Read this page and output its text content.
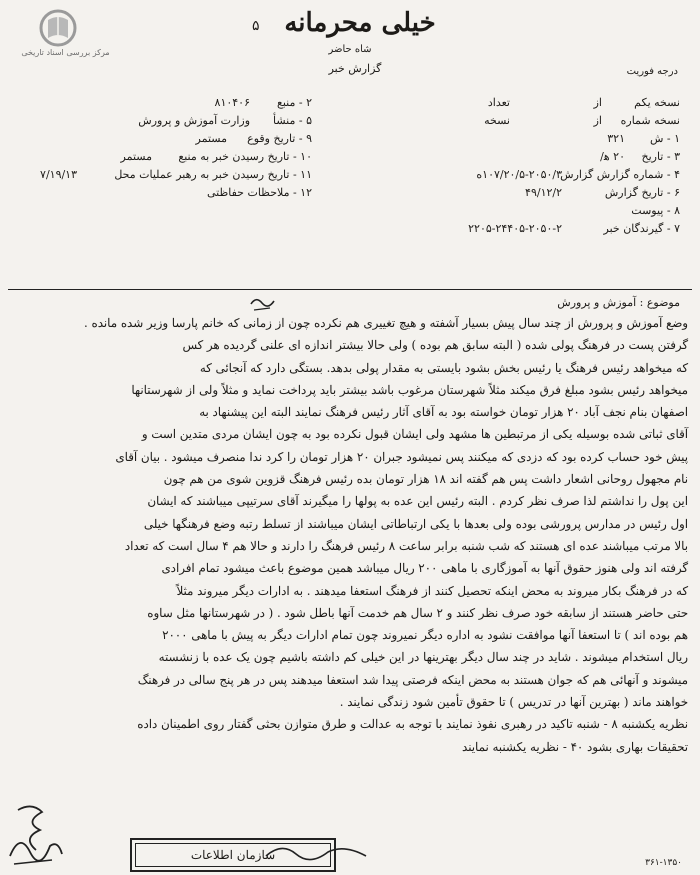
مرکز بررسی اسناد تاریخی
خیلی محرمانه
۵
شاه حاضر
گزارش خبر	درجه فوریت
۲ - منبع
۸۱۰۴۰۶
۵ - منشأ
وزارت آموزش و پرورش
۹ - تاریخ وقوع
مستمر
۱۰ - تاریخ رسیدن خبر به منبع
مستمر
۱۱ - تاریخ رسیدن خبر به رهبر عملیات محل
۷/۱۹/۱۳
۱۲ - ملاحظات حفاظتی
نسخه یکم
از
تعداد
نسخه شماره
از
نسخه
۱ - ش
۳۲۱
۳ - تاریخ
۲۰ ه‍/
۴ - شماره گزارش گزارش
۱۰۷/۲۰/۵-۲۰۵۰/۳ه
۶ - تاریخ گزارش
۴۹/۱۲/۲
۸ - پیوست
۷ - گیرندگان خبر
۲۲۰۵-۲۴۴۰۵-۲۰۵۰-۲
موضوع : آموزش و پرورش

وضع آموزش و پرورش از چند سال پیش بسیار آشفته و هیچ تغییری هم نکرده چون از زمانی که خانم پارسا وزیر شده مانده .

گرفتن پست در فرهنگ پولی شده ( البته سابق هم بوده ) ولی حالا بیشتر اندازه ای علنی گردیده هر کس

که میخواهد رئیس فرهنگ یا رئیس بخش بشود بایستی به مقدار پولی بدهد. بستگی دارد که آنجائی که

میخواهد رئیس بشود مبلغ فرق میکند مثلاً شهرستان مرغوب باشد بیشتر باید پرداخت نماید و مثلاً ولی از شهرستانها

اصفهان بنام نجف آباد ۲۰ هزار تومان خواسته بود به آقای آثار رئیس فرهنگ نمایند البته این پیشنهاد به

آقای ثباتی شده بوسیله یکی از مرتبطین ها مشهد ولی ایشان قبول نکرده بود به چون ایشان مردی متدین است و

پیش خود حساب کرده بود که دزدی که میکنند پس نمیشود جبران ۲۰ هزار تومان را کرد ندا منصرف میشود . بیان آقای

نام مجهول روحانی اشعار داشت پس هم گفته اند ۱۸ هزار تومان بده رئیس فرهنگ قزوین شوی من هم چون

این پول را نداشتم لذا صرف نظر کردم . البته رئیس این عده به پولها را میگیرند آقای سرتیپی میباشند که ایشان

اول رئیس در مدارس پرورشی بوده ولی بعدها با یکی ارتباطاتی ایشان میباشند از تسلط رتبه وضع فرهنگها خیلی

بالا مرتب میباشند عده ای هستند که شب شنبه برابر ساعت ۸ رئیس فرهنگ را دارند و حالا هم ۴ سال است که تعداد

گرفته اند ولی هنوز حقوق آنها به آموزگاری با ماهی ۲۰۰ ریال میباشد همین موضوع باعث میشود تمام افرادی

که در فرهنگ بکار میروند به محض اینکه تحصیل کنند از فرهنگ استعفا میدهند . به ادارات دیگر میروند مثلاً

حتی حاضر هستند از سابقه خود صرف نظر کنند و ۲ سال هم خدمت آنها باطل شود . ( در شهرستانها مثل ساوه

هم بوده اند ) تا استعفا آنها موافقت نشود به اداره دیگر نمیروند چون تمام ادارات دیگر به پیش با ماهی ۲۰۰۰

ریال استخدام میشوند . شاید در چند سال دیگر بهترینها در این خیلی کم داشته باشیم چون یک عده با زنشسته

میشوند و آنهائی هم که جوان هستند به محض اینکه فرصتی پیدا شد استعفا میدهند پس در هر پنج سالی در فرهنگ

خواهند ماند ( بهترین آنها در تدریس ) تا حقوق تأمین شود زندگی نمایند .

نظریه یکشنبه ۸ - شنبه تاکید در رهبری نفوذ نمایند با توجه به عدالت و طرق متوازن بحثی گفتار روی اطمینان داده

تحقیقات بهاری بشود ۴۰ - نظریه یکشنبه نمایند

سازمان اطلاعات
۳۶۱-۱۳۵۰
